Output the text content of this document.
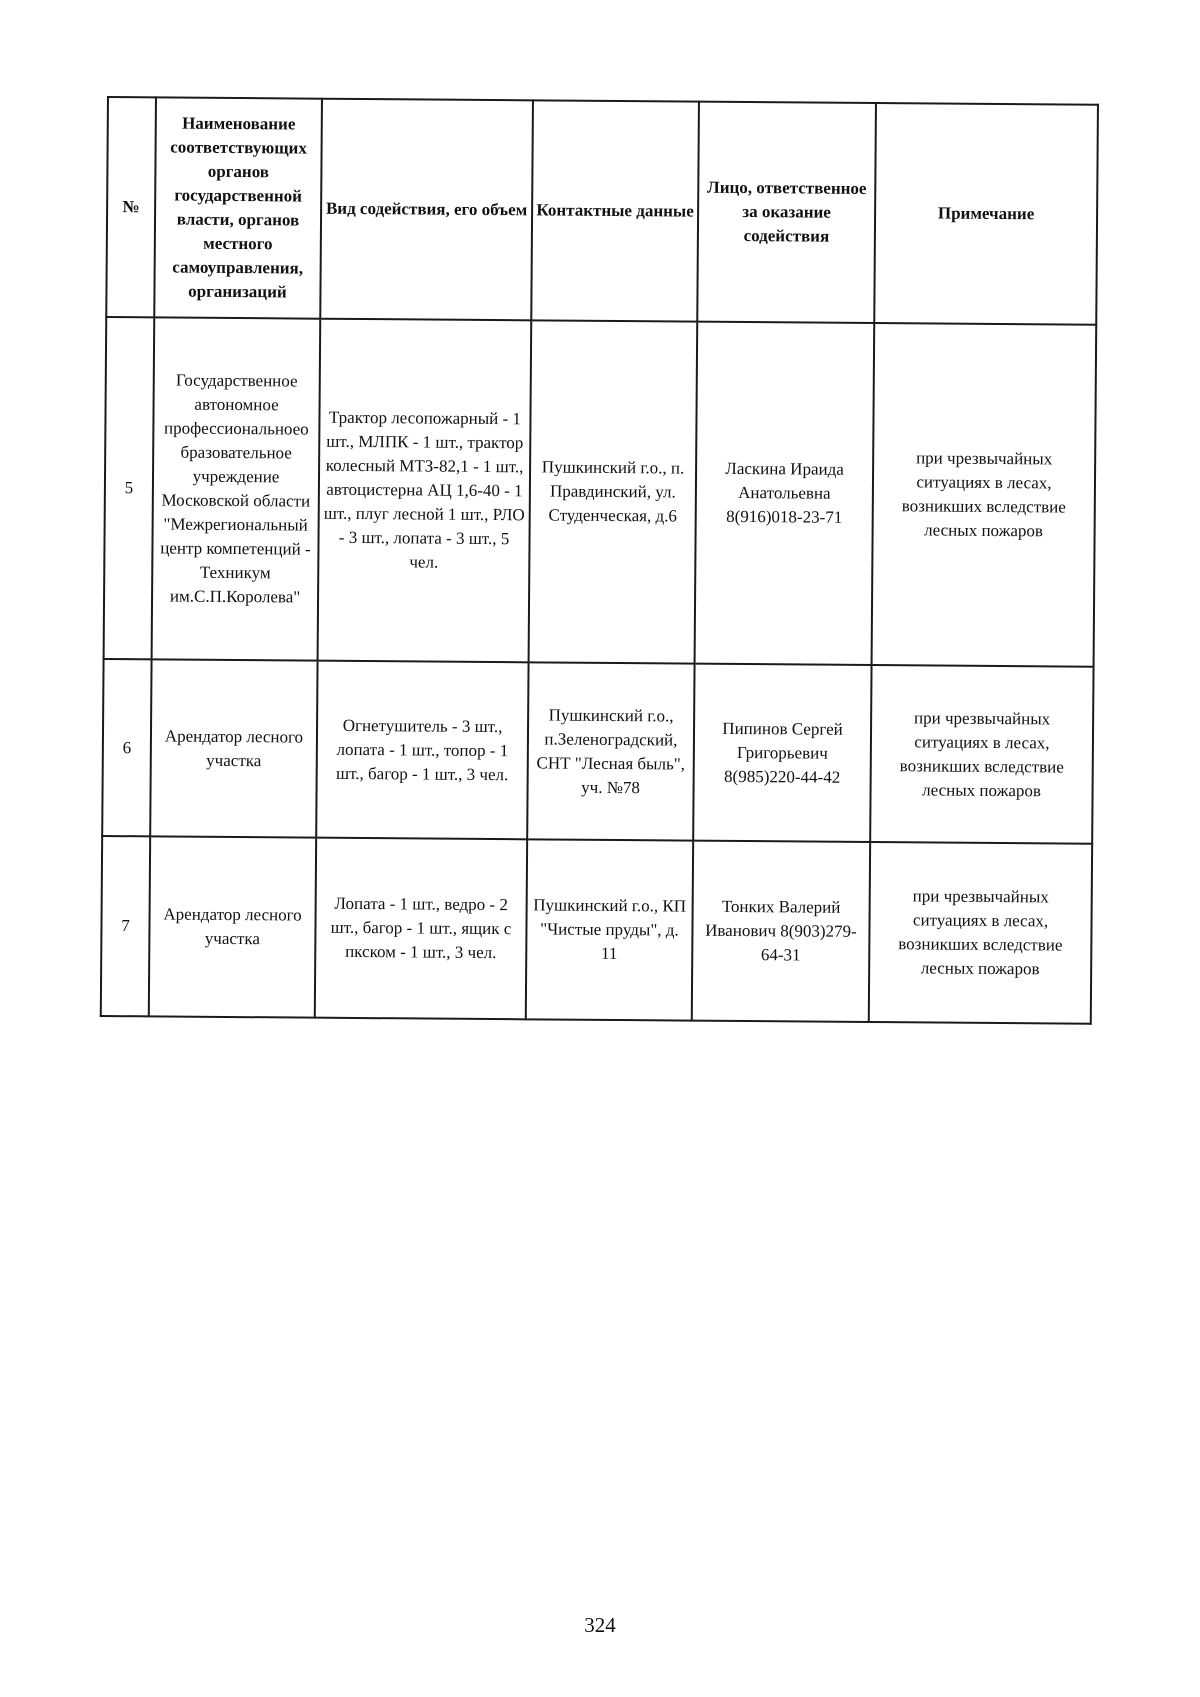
№	Наименование соответствующих органов государственной власти, органов местного самоуправления, организаций	Вид содействия, его объем	Контактные данные	Лицо, ответственное за оказание содействия	Примечание
5	Государственное автономное профессиональноео бразовательное учреждение Московской области "Межрегиональный центр компетенций - Техникум им.С.П.Королева"	Трактор лесопожарный - 1 шт., МЛПК - 1 шт., трактор колесный МТЗ-82,1 - 1 шт., автоцистерна АЦ 1,6-40 - 1 шт., плуг лесной 1 шт., РЛО - 3 шт., лопата - 3 шт., 5 чел.	Пушкинский г.о., п. Правдинский, ул. Студенческая, д.6	Ласкина Ираида Анатольевна 8(916)018-23-71	при чрезвычайных ситуациях в лесах, возникших вследствие лесных пожаров
6	Арендатор лесного участка	Огнетушитель - 3 шт., лопата - 1 шт., топор - 1 шт., багор - 1 шт., 3 чел.	Пушкинский г.о., п.Зеленоградский, СНТ "Лесная быль", уч. №78	Пипинов Сергей Григорьевич 8(985)220-44-42	при чрезвычайных ситуациях в лесах, возникших вследствие лесных пожаров
7	Арендатор лесного участка	Лопата - 1 шт., ведро - 2 шт., багор - 1 шт., ящик с пкском - 1 шт., 3 чел.	Пушкинский г.о., КП "Чистые пруды", д. 11	Тонких Валерий Иванович 8(903)279-64-31	при чрезвычайных ситуациях в лесах, возникших вследствие лесных пожаров
324
